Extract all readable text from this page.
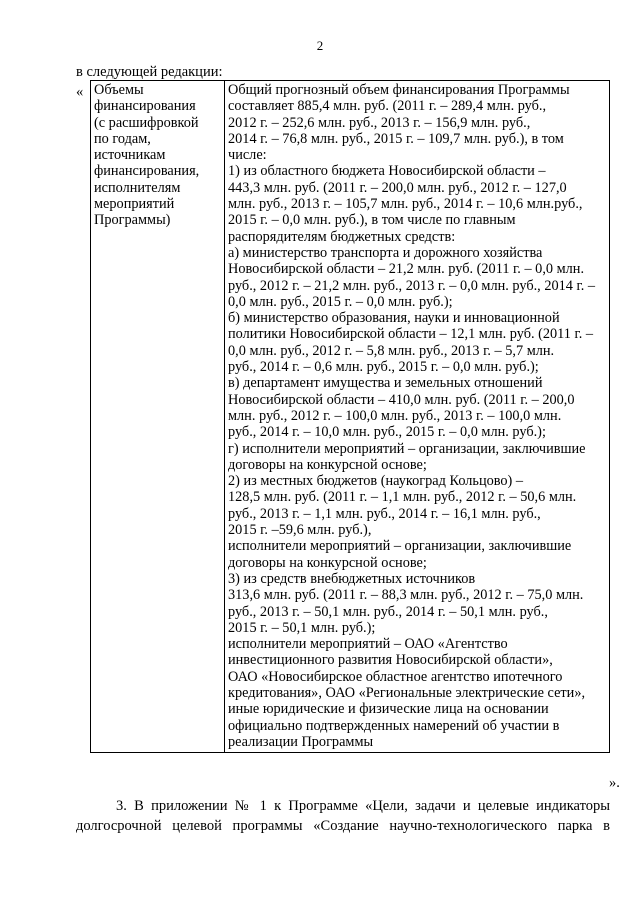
2
в следующей редакции:
« Объемы
финансирования
(с расшифровкой
по годам,
источникам
финансирования,
исполнителям
мероприятий
Программы)

Общий прогнозный объем финансирования Программы
составляет 885,4 млн. руб. (2011 г. – 289,4 млн. руб.,
2012 г. – 252,6 млн. руб., 2013 г. – 156,9 млн. руб.,
2014 г. – 76,8 млн. руб., 2015 г. – 109,7 млн. руб.), в том
числе:
1) из областного бюджета Новосибирской области –
443,3 млн. руб. (2011 г. – 200,0 млн. руб., 2012 г. – 127,0
млн. руб., 2013 г. – 105,7 млн. руб., 2014 г. – 10,6 млн.руб.,
2015 г. – 0,0 млн. руб.), в том числе по главным
распорядителям бюджетных средств:
а) министерство транспорта и дорожного хозяйства
Новосибирской области – 21,2 млн. руб. (2011 г. – 0,0 млн.
руб., 2012 г. – 21,2 млн. руб., 2013 г. – 0,0 млн. руб., 2014 г. –
0,0 млн. руб., 2015 г. – 0,0 млн. руб.);
б) министерство образования, науки и инновационной
политики Новосибирской области – 12,1 млн. руб. (2011 г. –
0,0 млн. руб., 2012 г. – 5,8 млн. руб., 2013 г. – 5,7 млн.
руб., 2014 г. – 0,6 млн. руб., 2015 г. – 0,0 млн. руб.);
в) департамент имущества и земельных отношений
Новосибирской области – 410,0 млн. руб. (2011 г. – 200,0
млн. руб., 2012 г. – 100,0 млн. руб., 2013 г. – 100,0 млн.
руб., 2014 г. – 10,0 млн. руб., 2015 г. – 0,0 млн. руб.);
г) исполнители мероприятий – организации, заключившие
договоры на конкурсной основе;
2) из местных бюджетов (наукоград Кольцово) –
128,5 млн. руб. (2011 г. – 1,1 млн. руб., 2012 г. – 50,6 млн.
руб., 2013 г. – 1,1 млн. руб., 2014 г. – 16,1 млн. руб.,
2015 г. –59,6 млн. руб.),
исполнители мероприятий – организации, заключившие
договоры на конкурсной основе;
3) из средств внебюджетных источников
313,6 млн. руб. (2011 г. – 88,3 млн. руб., 2012 г. – 75,0 млн.
руб., 2013 г. – 50,1 млн. руб., 2014 г. – 50,1 млн. руб.,
2015 г. – 50,1 млн. руб.);
исполнители мероприятий – ОАО «Агентство
инвестиционного развития Новосибирской области»,
ОАО «Новосибирское областное агентство ипотечного
кредитования», ОАО «Региональные электрические сети»,
иные юридические и физические лица на основании
официально подтвержденных намерений об участии в
реализации Программы
».
3. В приложении № 1 к Программе «Цели, задачи и целевые индикаторы
долгосрочной целевой программы «Создание научно-технологического парка в
